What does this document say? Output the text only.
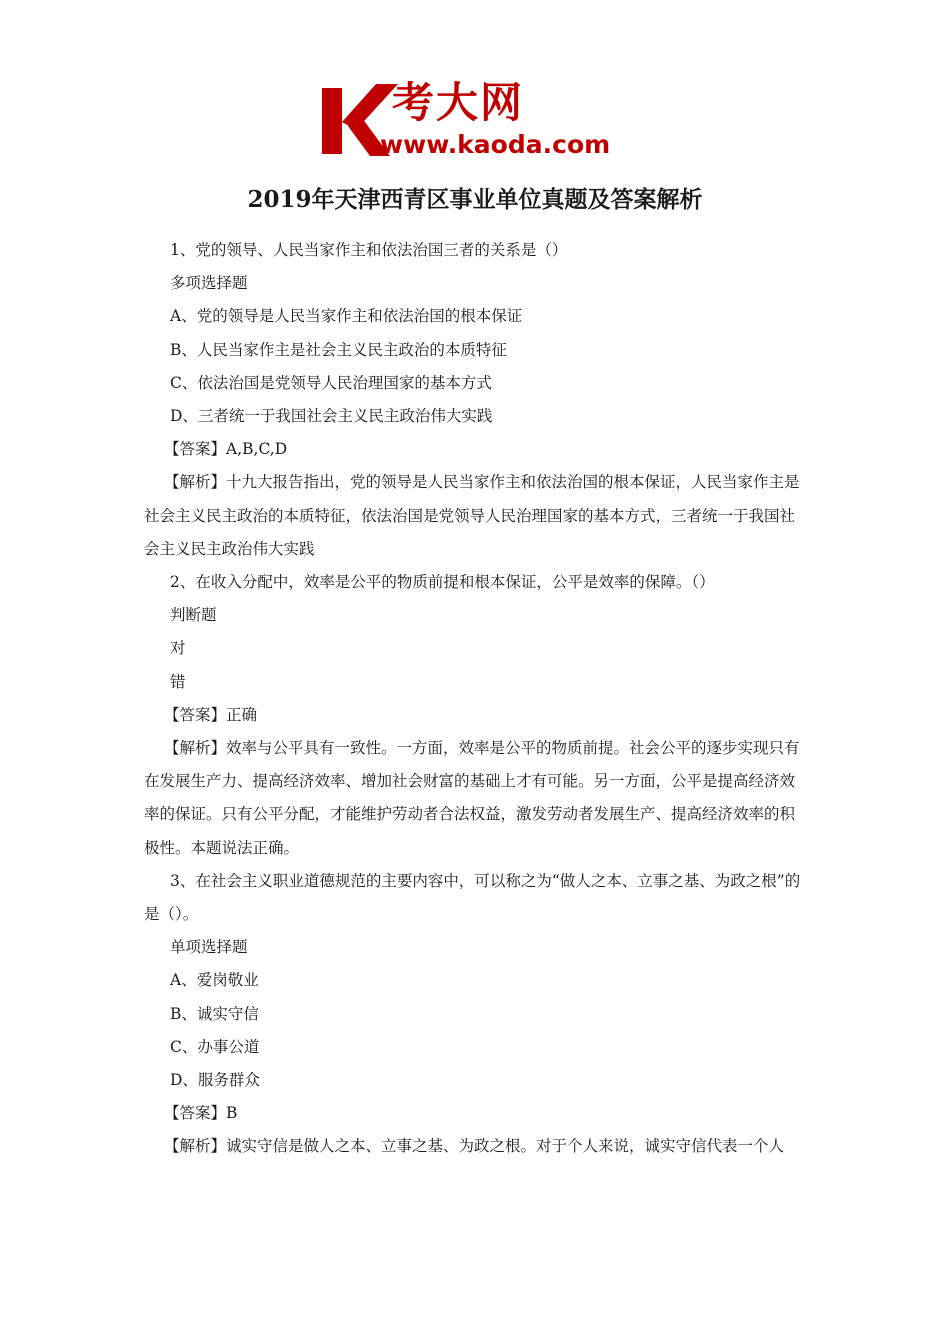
考大网
www.kaoda.com
2019年天津西青区事业单位真题及答案解析

1、党的领导、人民当家作主和依法治国三者的关系是（）

多项选择题

A、党的领导是人民当家作主和依法治国的根本保证

B、人民当家作主是社会主义民主政治的本质特征

C、依法治国是党领导人民治理国家的基本方式

D、三者统一于我国社会主义民主政治伟大实践

【答案】A,B,C,D

【解析】十九大报告指出，党的领导是人民当家作主和依法治国的根本保证，人民当家作主是社会主义民主政治的本质特征，依法治国是党领导人民治理国家的基本方式，三者统一于我国社会主义民主政治伟大实践

2、在收入分配中，效率是公平的物质前提和根本保证，公平是效率的保障。（）

判断题

对

错

【答案】正确

【解析】效率与公平具有一致性。一方面，效率是公平的物质前提。社会公平的逐步实现只有在发展生产力、提高经济效率、增加社会财富的基础上才有可能。另一方面，公平是提高经济效率的保证。只有公平分配，才能维护劳动者合法权益，激发劳动者发展生产、提高经济效率的积极性。本题说法正确。

3、在社会主义职业道德规范的主要内容中，可以称之为“做人之本、立事之基、为政之根”的是（）。

单项选择题

A、爱岗敬业

B、诚实守信

C、办事公道

D、服务群众

【答案】B

【解析】诚实守信是做人之本、立事之基、为政之根。对于个人来说，诚实守信代表一个人
